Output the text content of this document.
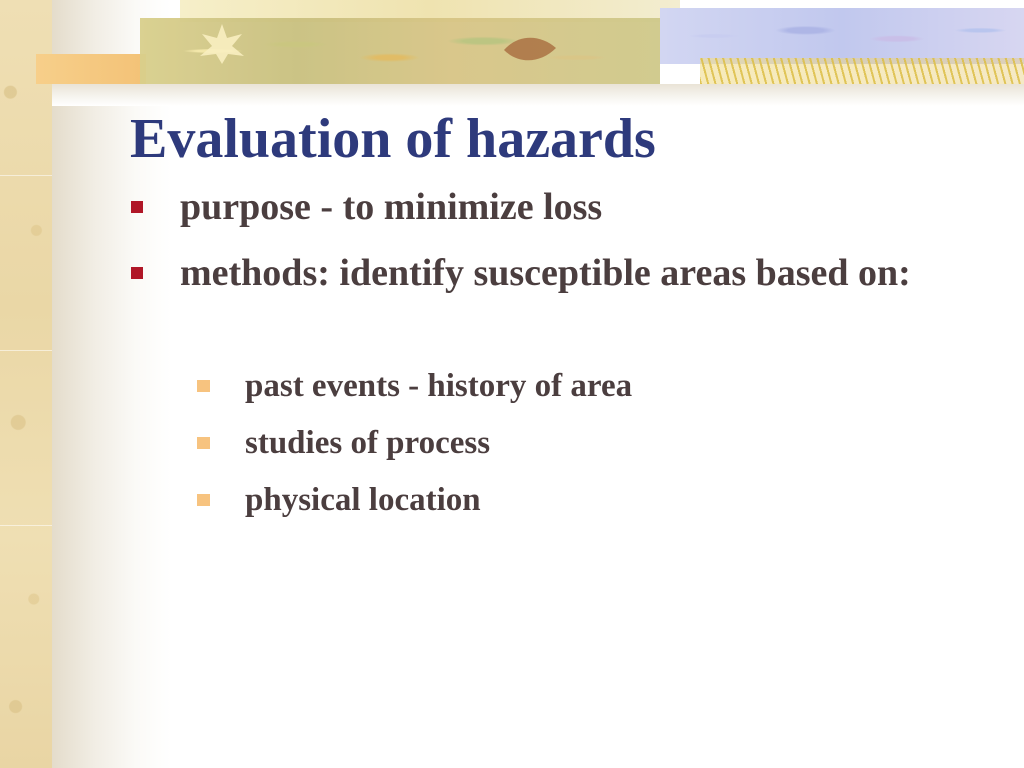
Evaluation of hazards
purpose - to minimize loss
methods: identify susceptible areas based on:
past events - history of area
studies of process
physical location
